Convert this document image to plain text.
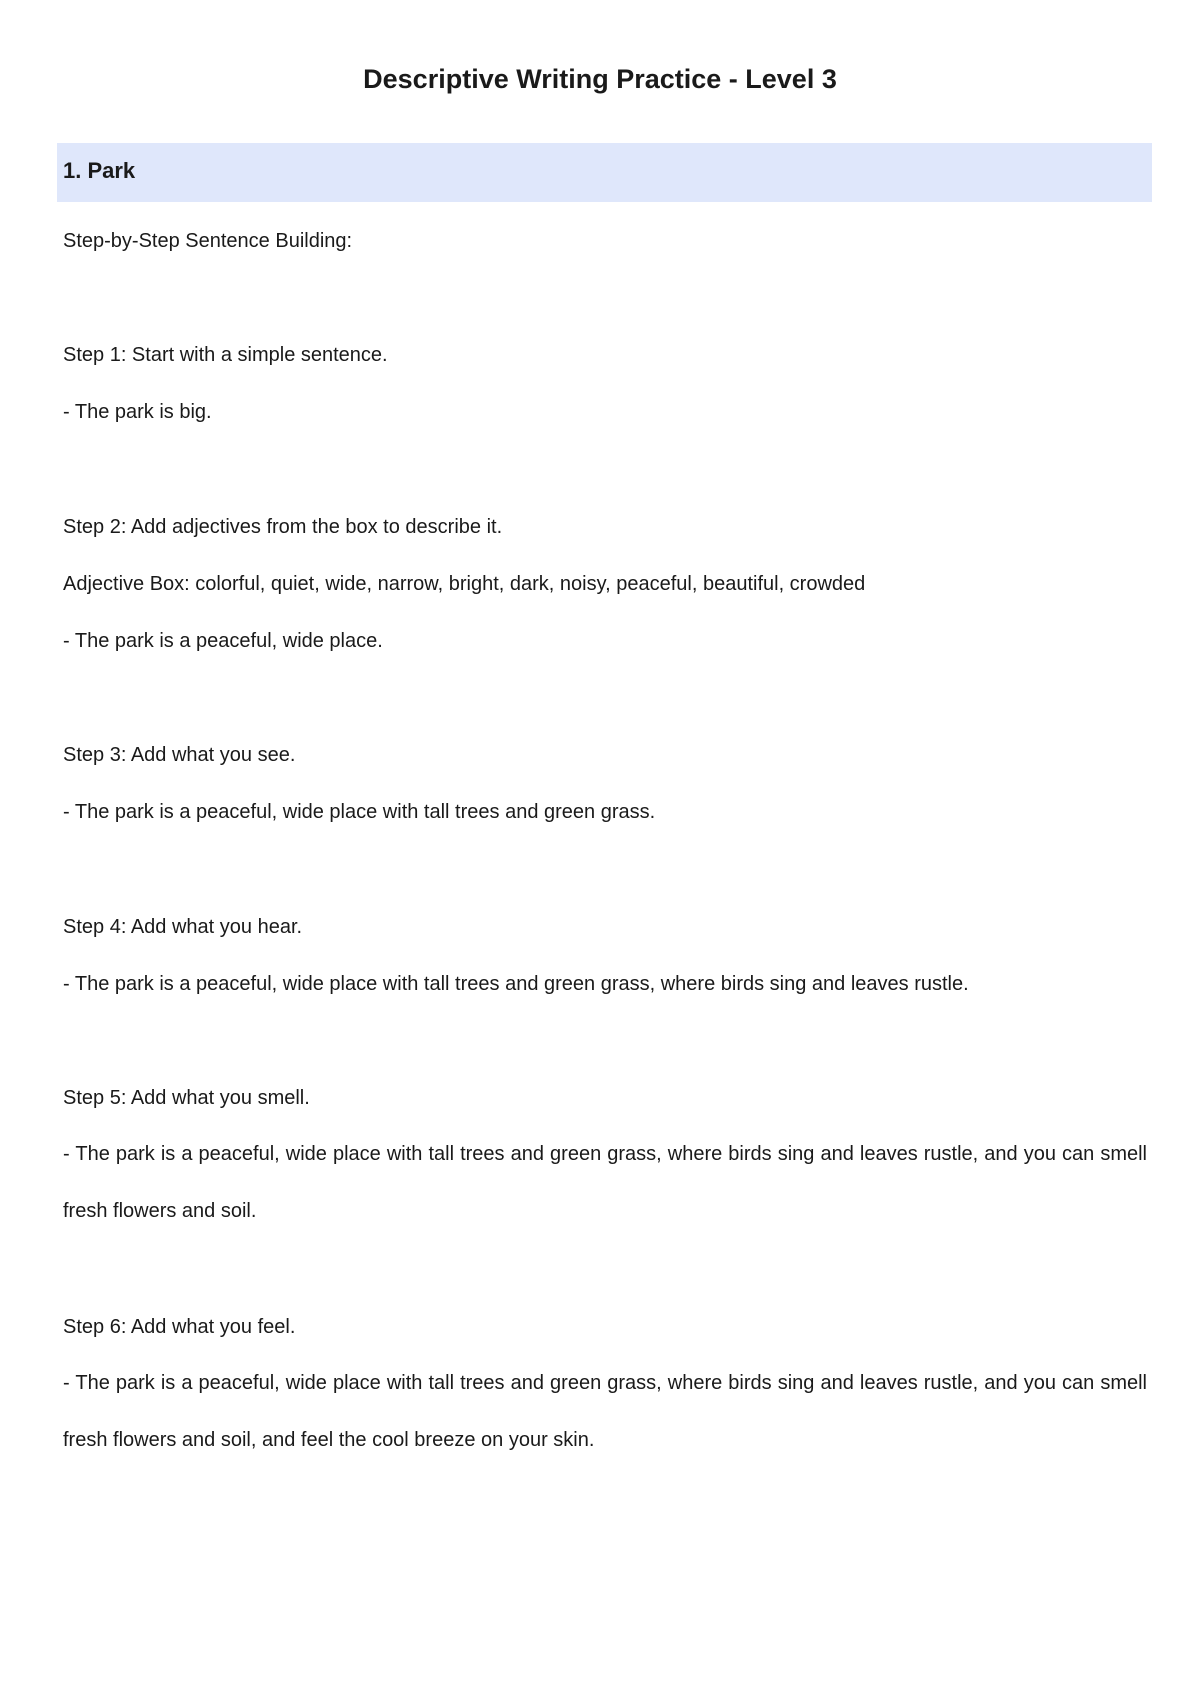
Descriptive Writing Practice - Level 3
1. Park
Step-by-Step Sentence Building:
Step 1: Start with a simple sentence.
- The park is big.
Step 2: Add adjectives from the box to describe it.
Adjective Box: colorful, quiet, wide, narrow, bright, dark, noisy, peaceful, beautiful, crowded
- The park is a peaceful, wide place.
Step 3: Add what you see.
- The park is a peaceful, wide place with tall trees and green grass.
Step 4: Add what you hear.
- The park is a peaceful, wide place with tall trees and green grass, where birds sing and leaves rustle.
Step 5: Add what you smell.
- The park is a peaceful, wide place with tall trees and green grass, where birds sing and leaves rustle, and you can smell fresh flowers and soil.
Step 6: Add what you feel.
- The park is a peaceful, wide place with tall trees and green grass, where birds sing and leaves rustle, and you can smell fresh flowers and soil, and feel the cool breeze on your skin.
